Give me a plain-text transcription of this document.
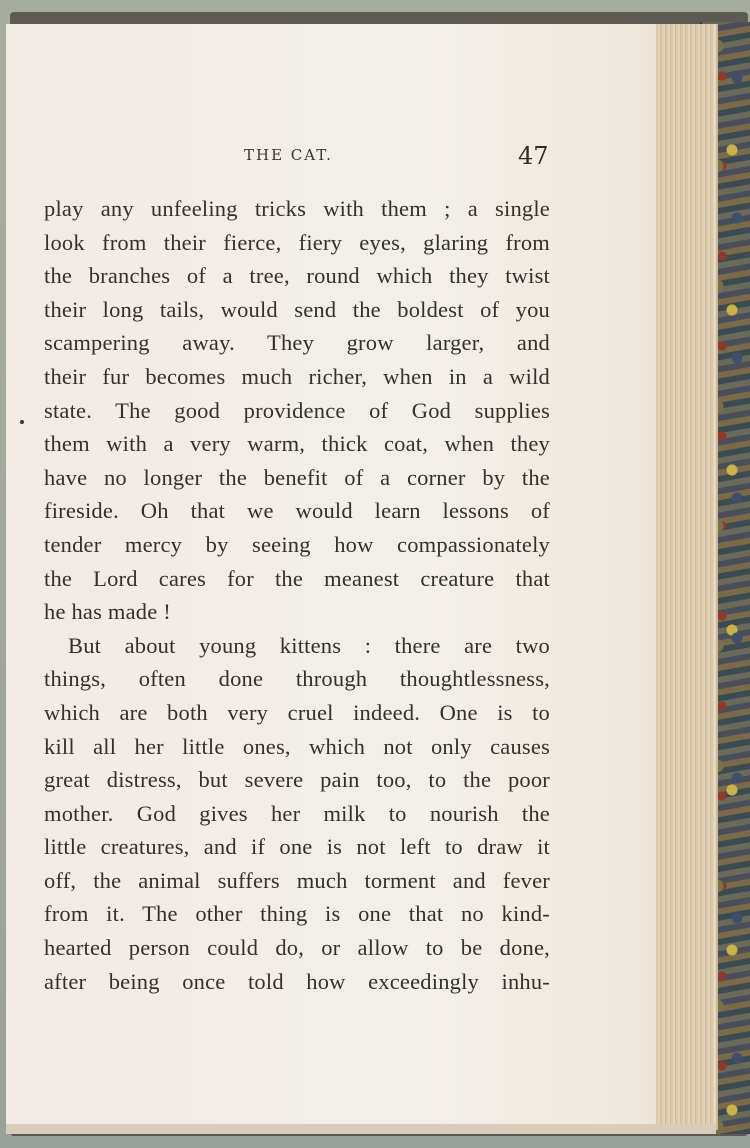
THE CAT.	47
play any unfeeling tricks with them ; a single
look from their fierce, fiery eyes, glaring from
the branches of a tree, round which they twist
their long tails, would send the boldest of you
scampering away. They grow larger, and
their fur becomes much richer, when in a wild
state. The good providence of God supplies
them with a very warm, thick coat, when they
have no longer the benefit of a corner by the
fireside. Oh that we would learn lessons of
tender mercy by seeing how compassionately
the Lord cares for the meanest creature that
he has made !
But about young kittens : there are two
things, often done through thoughtlessness,
which are both very cruel indeed. One is to
kill all her little ones, which not only causes
great distress, but severe pain too, to the poor
mother. God gives her milk to nourish the
little creatures, and if one is not left to draw it
off, the animal suffers much torment and fever
from it. The other thing is one that no kind-
hearted person could do, or allow to be done,
after being once told how exceedingly inhu-
